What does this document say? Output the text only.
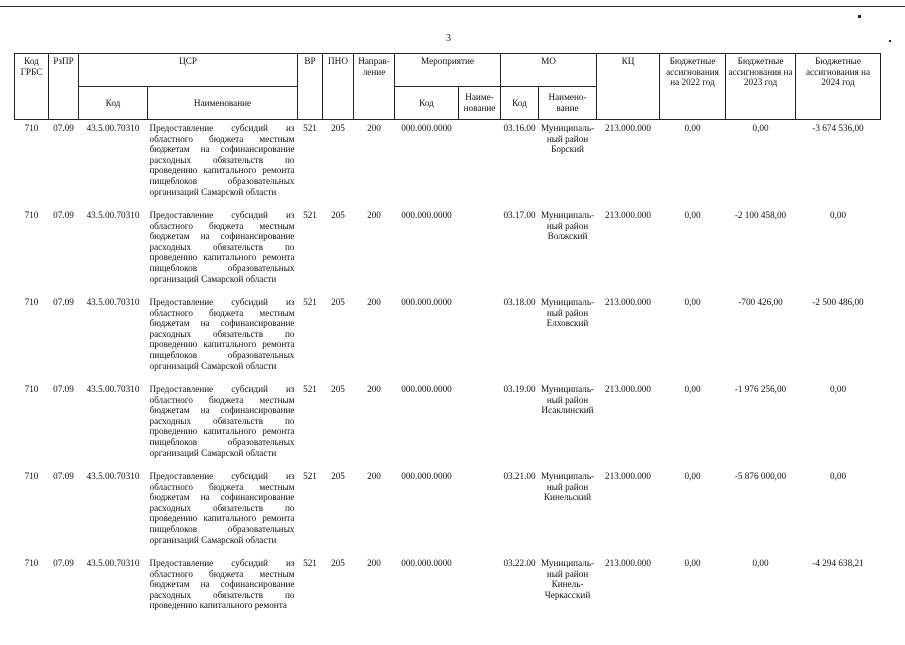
3
Код ГРБС	РзПР	ЦСР		ВР	ПНО	Направ- ление	Мероприятие		МО		КЦ	Бюджетные ассигнования на 2022 год	Бюджетные ассигнования на 2023 год	Бюджетные ассигнования на 2024 год
		Код	Наименование				Код	Наиме- нование	Код	Наимено- вание				
710	07.09	43.5.00.70310	Предоставление субсидий из областного бюджета местным бюджетам на софинансирование расходных обязательств по проведению капитального ремонта пищеблоков образовательных организаций Самарской области	521	205	200	000.000.0000		03.16.00	Муниципаль- ный район Борский	213.000.000	0,00	0,00	-3 674 536,00
710	07.09	43.5.00.70310	Предоставление субсидий из областного бюджета местным бюджетам на софинансирование расходных обязательств по проведению капитального ремонта пищеблоков образовательных организаций Самарской области	521	205	200	000.000.0000		03.17.00	Муниципаль- ный район Волжский	213.000.000	0,00	-2 100 458,00	0,00
710	07.09	43.5.00.70310	Предоставление субсидий из областного бюджета местным бюджетам на софинансирование расходных обязательств по проведению капитального ремонта пищеблоков образовательных организаций Самарской области	521	205	200	000.000.0000		03.18.00	Муниципаль- ный район Елховский	213.000.000	0,00	-700 426,00	-2 500 486,00
710	07.09	43.5.00.70310	Предоставление субсидий из областного бюджета местным бюджетам на софинансирование расходных обязательств по проведению капитального ремонта пищеблоков образовательных организаций Самарской области	521	205	200	000.000.0000		03.19.00	Муниципаль- ный район Исаклинский	213.000.000	0,00	-1 976 256,00	0,00
710	07.09	43.5.00.70310	Предоставление субсидий из областного бюджета местным бюджетам на софинансирование расходных обязательств по проведению капитального ремонта пищеблоков образовательных организаций Самарской области	521	205	200	000.000.0000		03.21.00	Муниципаль- ный район Кинельский	213.000.000	0,00	-5 876 000,00	0,00
710	07.09	43.5.00.70310	Предоставление субсидий из областного бюджета местным бюджетам на софинансирование расходных обязательств по проведению капитального ремонта	521	205	200	000.000.0000		03.22.00	Муниципаль- ный район Кинель- Черкасский	213.000.000	0,00	0,00	-4 294 638,21
